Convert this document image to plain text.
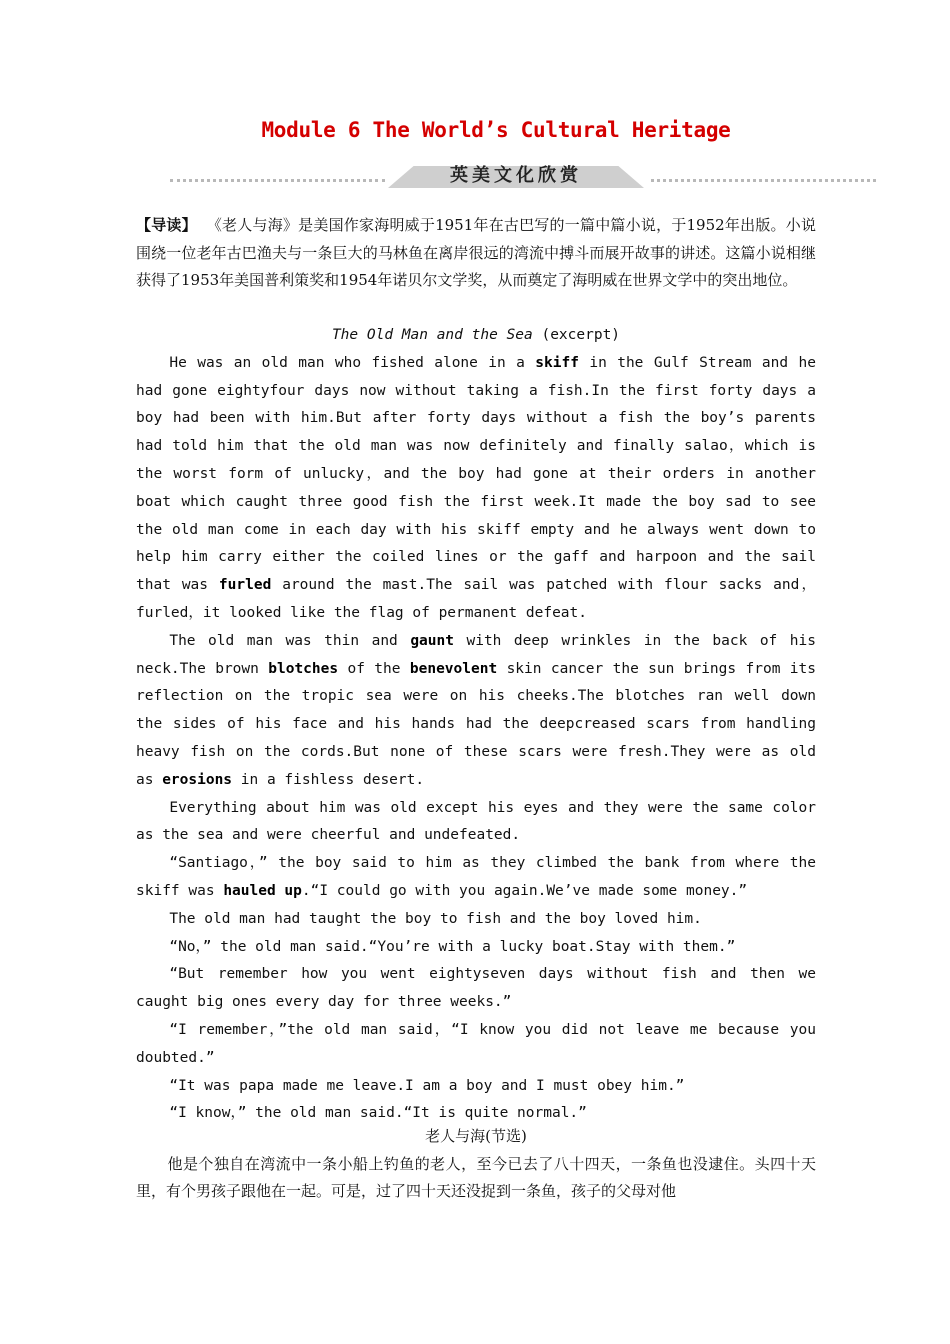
Module 6 The World’s Cultural Heritage
英美文化欣赏
【导读】 《老人与海》是美国作家海明威于1951年在古巴写的一篇中篇小说，于1952年出版。小说围绕一位老年古巴渔夫与一条巨大的马林鱼在离岸很远的湾流中搏斗而展开故事的讲述。这篇小说相继获得了1953年美国普利策奖和1954年诺贝尔文学奖，从而奠定了海明威在世界文学中的突出地位。

The Old Man and the Sea (excerpt)

He was an old man who fished alone in a skiff in the Gulf Stream and he had gone eightyfour days now without taking a fish.In the first forty days a boy had been with him.But after forty days without a fish the boy’s parents had told him that the old man was now definitely and finally salao，which is the worst form of unlucky，and the boy had gone at their orders in another boat which caught three good fish the first week.It made the boy sad to see the old man come in each day with his skiff empty and he always went down to help him carry either the coiled lines or the gaff and harpoon and the sail that was furled around the mast.The sail was patched with flour sacks and，furled，it looked like the flag of permanent defeat.

The old man was thin and gaunt with deep wrinkles in the back of his neck.The brown blotches of the benevolent skin cancer the sun brings from its reflection on the tropic sea were on his cheeks.The blotches ran well down the sides of his face and his hands had the deepcreased scars from handling heavy fish on the cords.But none of these scars were fresh.They were as old as erosions in a fishless desert.

Everything about him was old except his eyes and they were the same color as the sea and were cheerful and undefeated.

“Santiago，” the boy said to him as they climbed the bank from where the skiff was hauled up.“I could go with you again.We’ve made some money.”

The old man had taught the boy to fish and the boy loved him.

“No，” the old man said.“You’re with a lucky boat.Stay with them.”

“But remember how you went eightyseven days without fish and then we caught big ones every day for three weeks.”

“I remember，”the old man said，“I know you did not leave me because you doubted.”

“It was papa made me leave.I am a boy and I must obey him.”

“I know，” the old man said.“It is quite normal.”

老人与海(节选)

他是个独自在湾流中一条小船上钓鱼的老人，至今已去了八十四天，一条鱼也没逮住。头四十天里，有个男孩子跟他在一起。可是，过了四十天还没捉到一条鱼，孩子的父母对他
